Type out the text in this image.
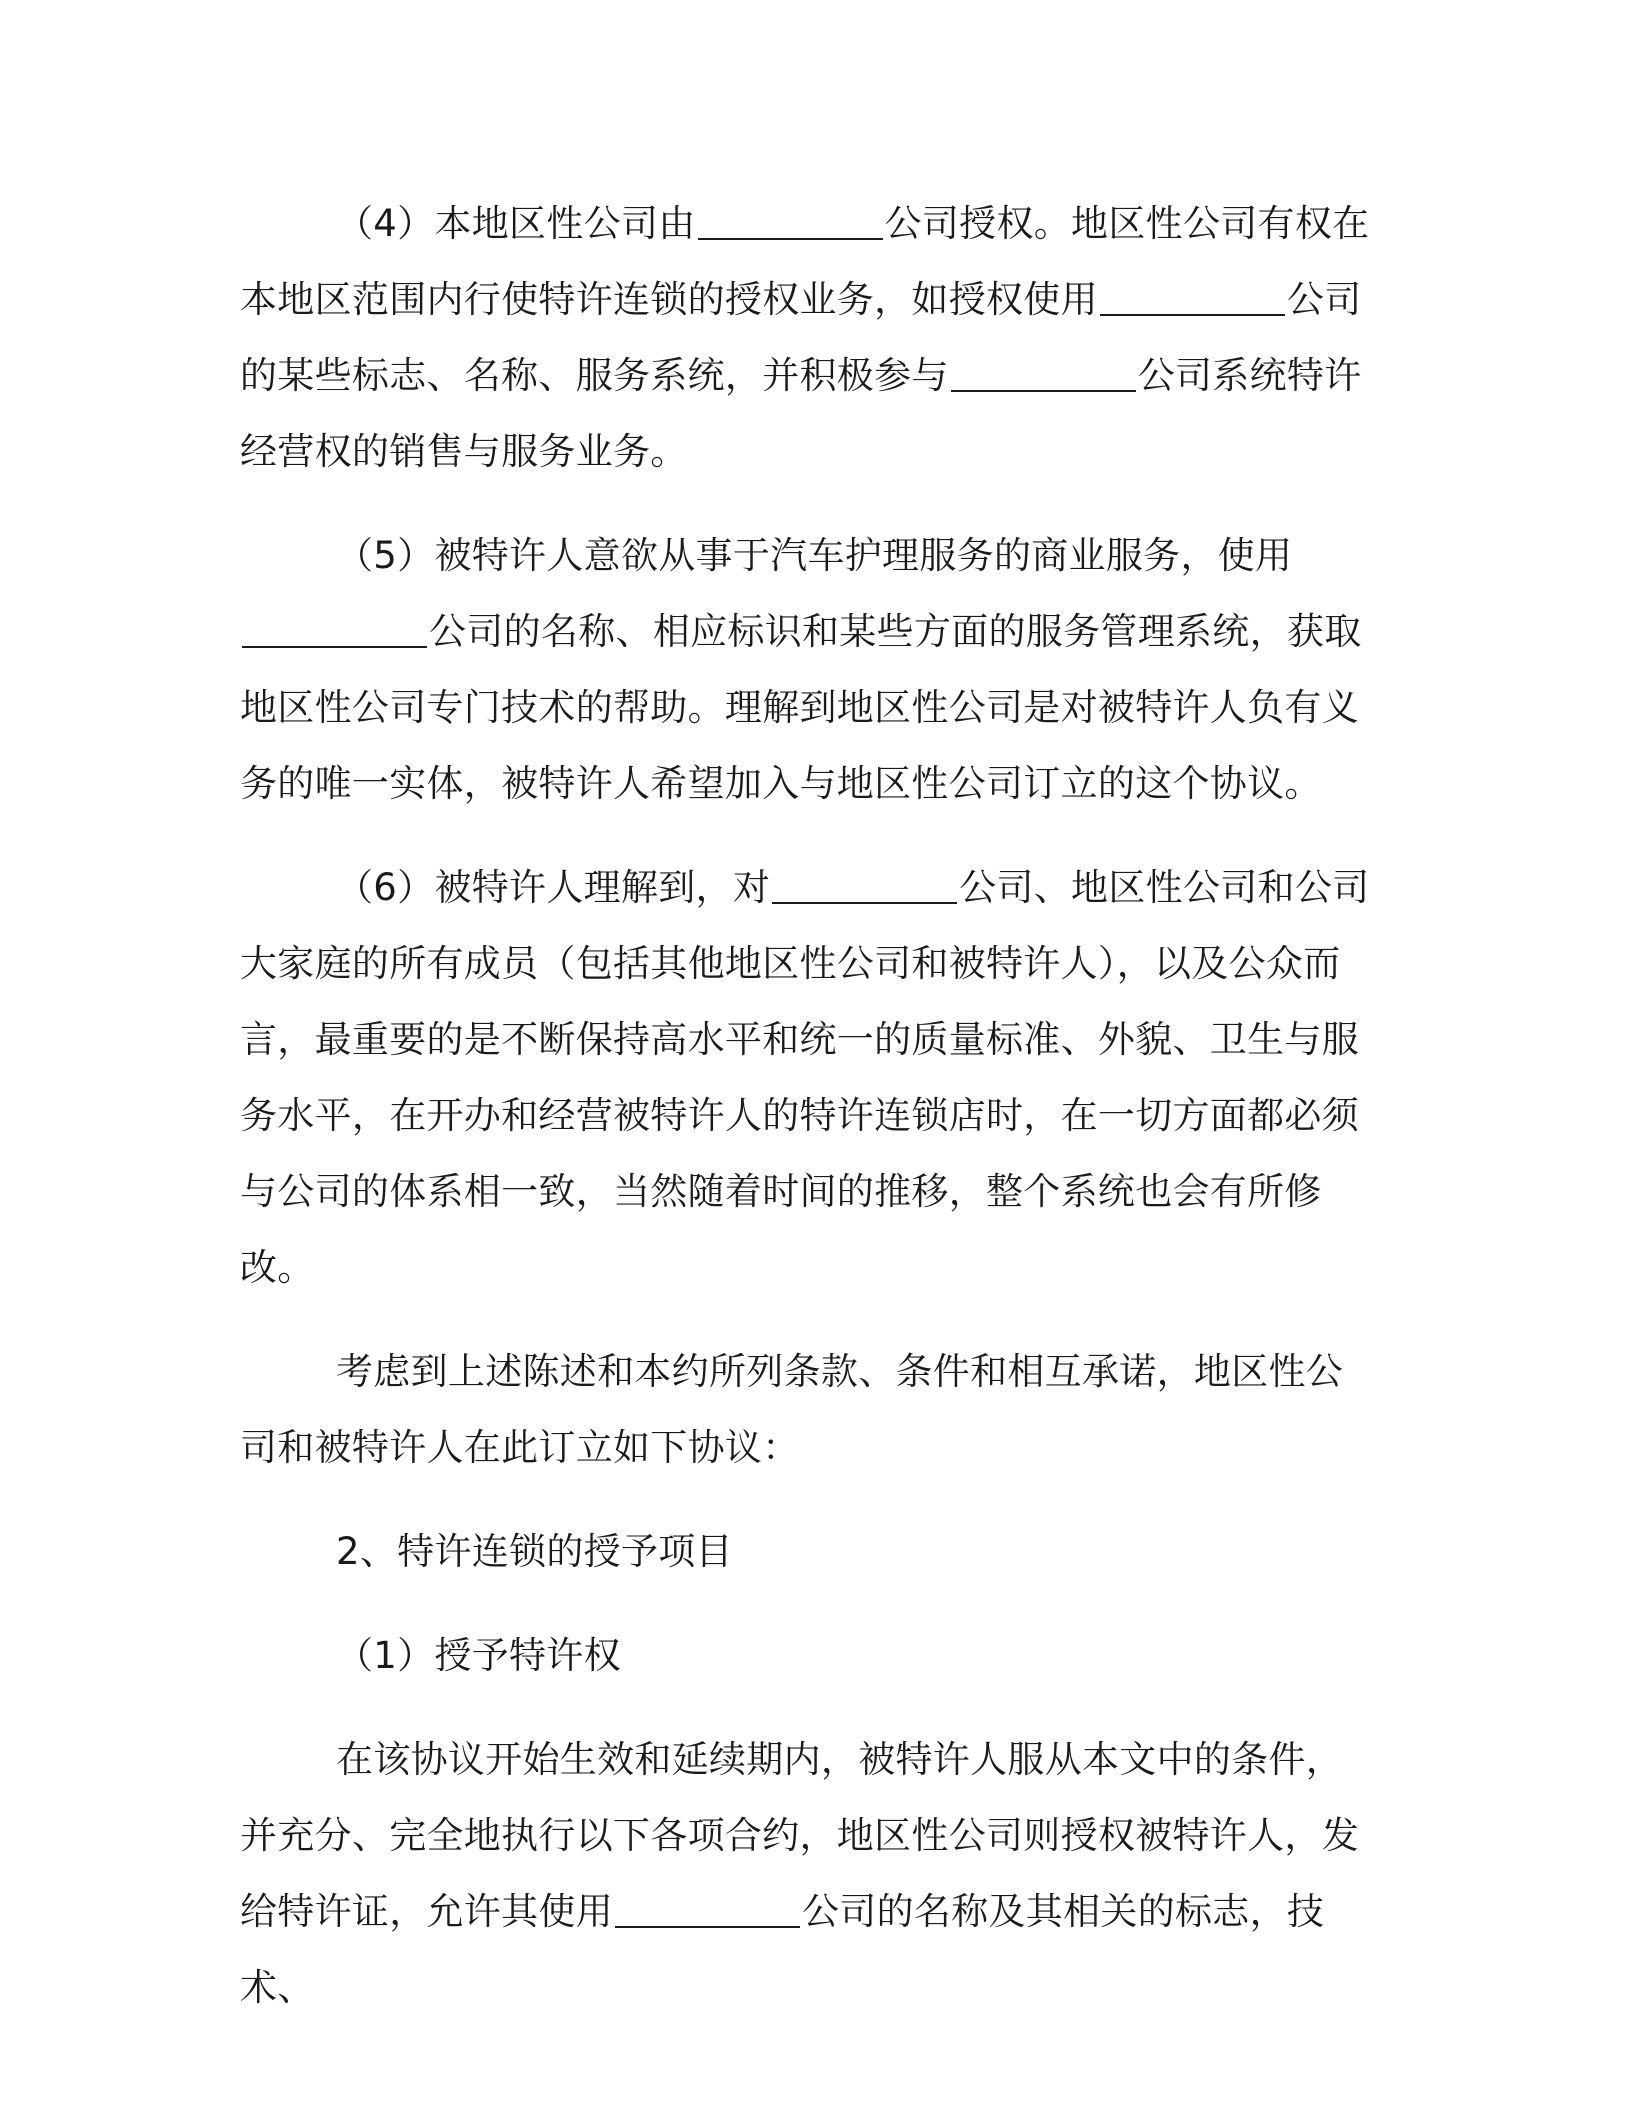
（4）本地区性公司由	公司授权。地区性公司有权在本地区范围内行使特许连锁的授权业务，如授权使用	公司的某些标志、名称、服务系统，并积极参与	公司系统特许经营权的销售与服务业务。

（5）被特许人意欲从事于汽车护理服务的商业服务，使用公司的名称、相应标识和某些方面的服务管理系统，获取地区性公司专门技术的帮助。理解到地区性公司是对被特许人负有义务的唯一实体，被特许人希望加入与地区性公司订立的这个协议。

（6）被特许人理解到，对	公司、地区性公司和公司大家庭的所有成员（包括其他地区性公司和被特许人），以及公众而言，最重要的是不断保持高水平和统一的质量标准、外貌、卫生与服务水平，在开办和经营被特许人的特许连锁店时，在一切方面都必须与公司的体系相一致，当然随着时间的推移，整个系统也会有所修改。

考虑到上述陈述和本约所列条款、条件和相互承诺，地区性公司和被特许人在此订立如下协议：

2、特许连锁的授予项目

（1）授予特许权

在该协议开始生效和延续期内，被特许人服从本文中的条件，并充分、完全地执行以下各项合约，地区性公司则授权被特许人，发给特许证，允许其使用	公司的名称及其相关的标志，技术、
